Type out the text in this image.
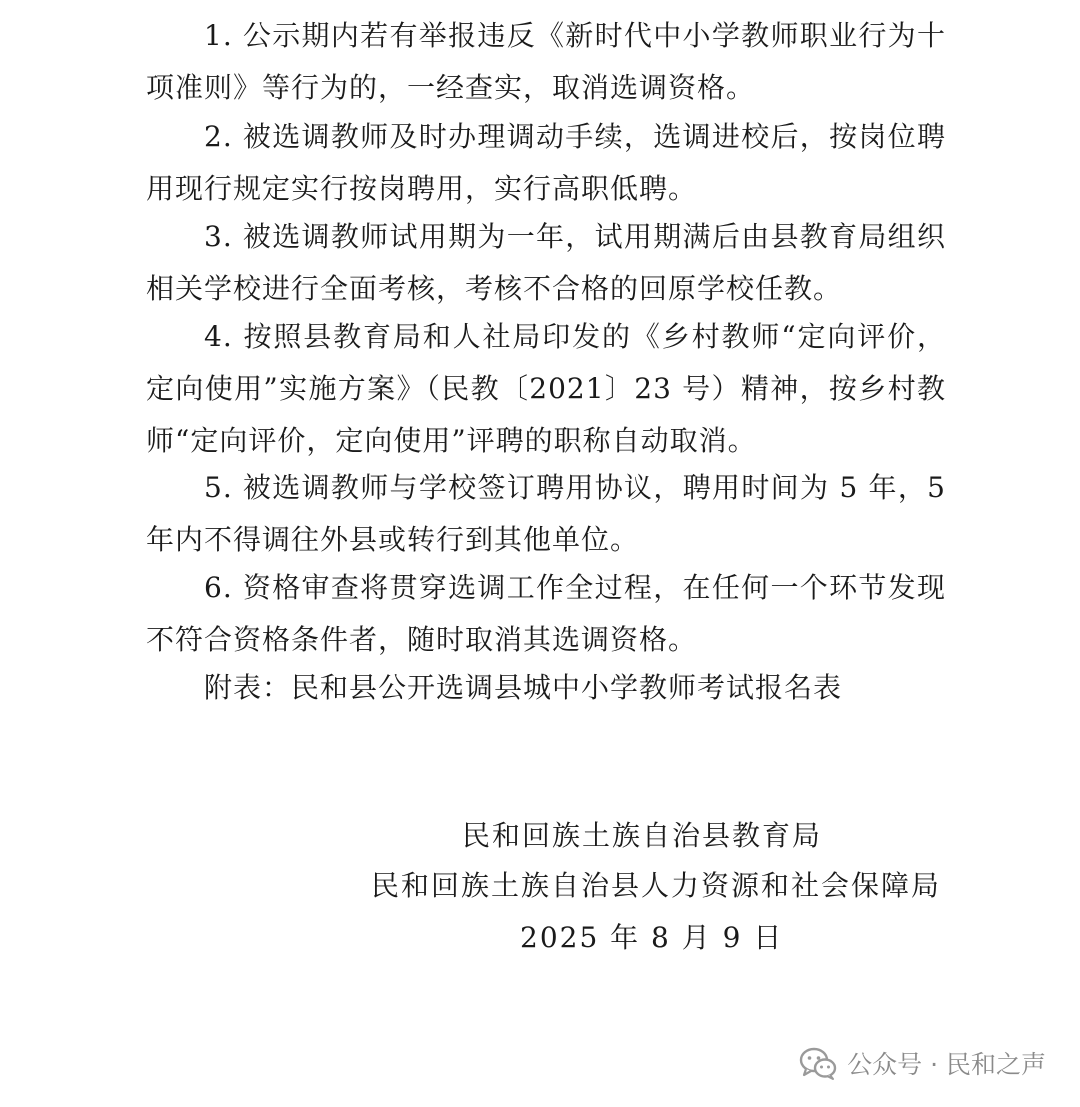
1. 公示期内若有举报违反《新时代中小学教师职业行为十项准则》等行为的，一经查实，取消选调资格。

2. 被选调教师及时办理调动手续，选调进校后，按岗位聘用现行规定实行按岗聘用，实行高职低聘。

3. 被选调教师试用期为一年，试用期满后由县教育局组织相关学校进行全面考核，考核不合格的回原学校任教。

4. 按照县教育局和人社局印发的《乡村教师“定向评价，定向使用”实施方案》（民教〔2021〕23 号）精神，按乡村教师“定向评价，定向使用”评聘的职称自动取消。

5. 被选调教师与学校签订聘用协议，聘用时间为 5 年，5 年内不得调往外县或转行到其他单位。

6. 资格审查将贯穿选调工作全过程，在任何一个环节发现不符合资格条件者，随时取消其选调资格。

附表：民和县公开选调县城中小学教师考试报名表

民和回族土族自治县教育局

民和回族土族自治县人力资源和社会保障局

2025 年 8 月 9 日

公众号 · 民和之声
